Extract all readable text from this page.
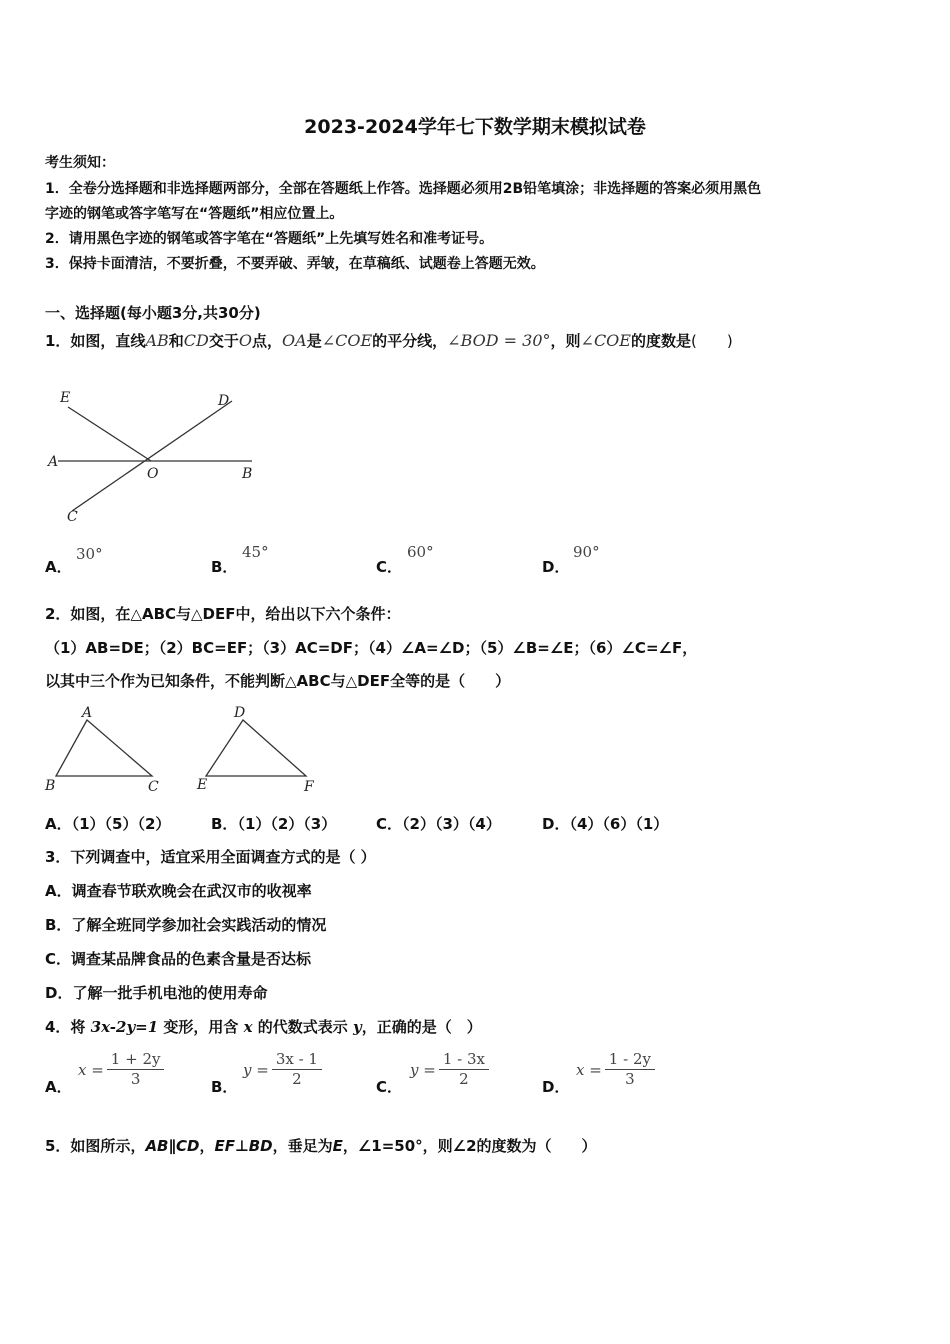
2023-2024学年七下数学期末模拟试卷
考生须知：
1．全卷分选择题和非选择题两部分，全部在答题纸上作答。选择题必须用2B铅笔填涂；非选择题的答案必须用黑色
字迹的钢笔或答字笔写在“答题纸”相应位置上。
2．请用黑色字迹的钢笔或答字笔在“答题纸”上先填写姓名和准考证号。
3．保持卡面清洁，不要折叠，不要弄破、弄皱，在草稿纸、试题卷上答题无效。
一、选择题(每小题3分,共30分)
1．如图，直线AB和CD交于O点，OA是∠COE的平分线，∠BOD = 30°，则∠COE的度数是(　　)
E	D
A
O	B
C
A．
30°
B．
45°
C．
60°
D．
90°
2．如图，在△ABC与△DEF中，给出以下六个条件：
（1）AB=DE；（2）BC=EF；（3）AC=DF；（4）∠A=∠D；（5）∠B=∠E；（6）∠C=∠F，
以其中三个作为已知条件，不能判断△ABC与△DEF全等的是（　　）
A
B	C
D
E	F
A．（1）（5）（2）	B．（1）（2）（3）	C．（2）（3）（4）	D．（4）（6）（1）
3．下列调查中，适宜采用全面调查方式的是（ ）
A．调查春节联欢晚会在武汉市的收视率
B．了解全班同学参加社会实践活动的情况
C．调查某品牌食品的色素含量是否达标
D．了解一批手机电池的使用寿命
4．将 3x-2y=1 变形，用含 x 的代数式表示 y，正确的是（　）
A．
$x = \frac{1 + 2y}{3}$	B．
$y = \frac{3x - 1}{2}$	C．
$y = \frac{1 - 3x}{2}$	D．
$x = \frac{1 - 2y}{3}$
5．如图所示，AB∥CD，EF⊥BD，垂足为E，∠1=50°，则∠2的度数为（　　）
